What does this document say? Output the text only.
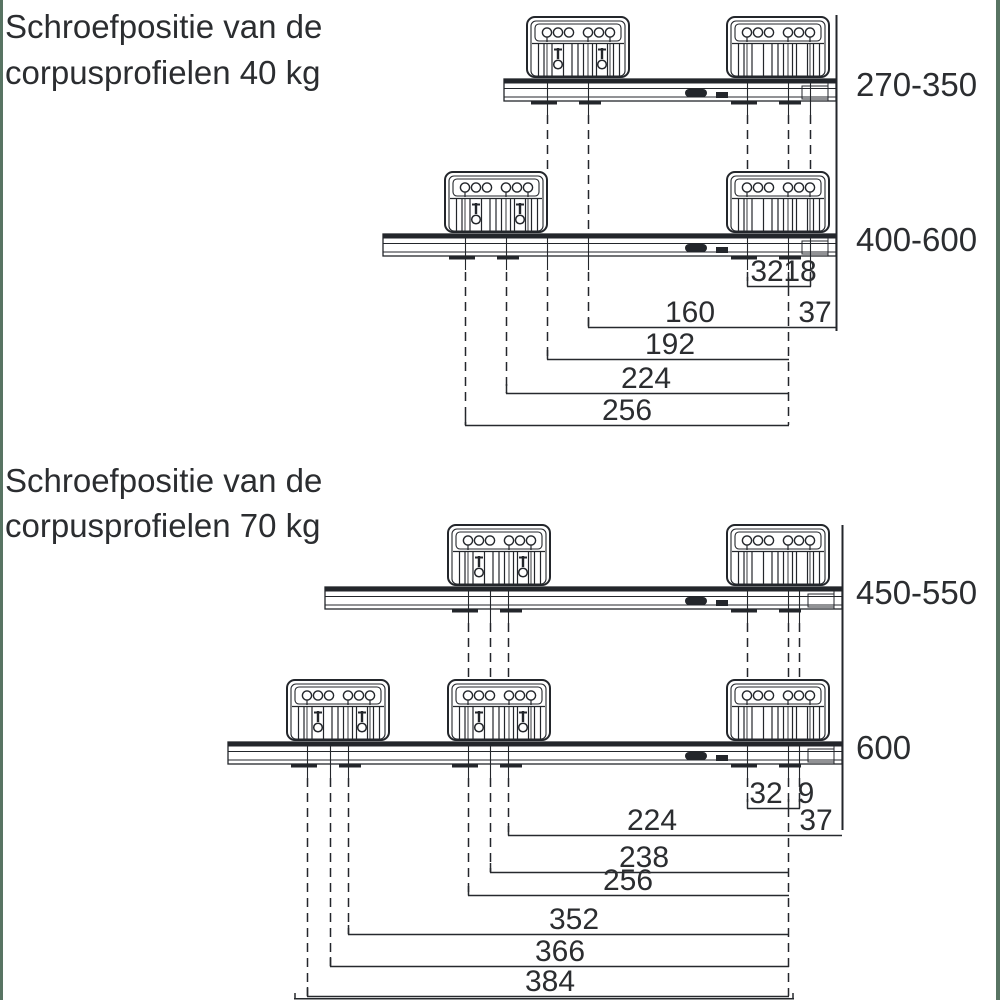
Schroefpositie van de
corpusprofielen 40 kg
32 18
160	37
192
224
256
270-350
400-600
Schroefpositie van de
corpusprofielen 70 kg
32 9
224	37
238
256
352
366
384
450-550
600
